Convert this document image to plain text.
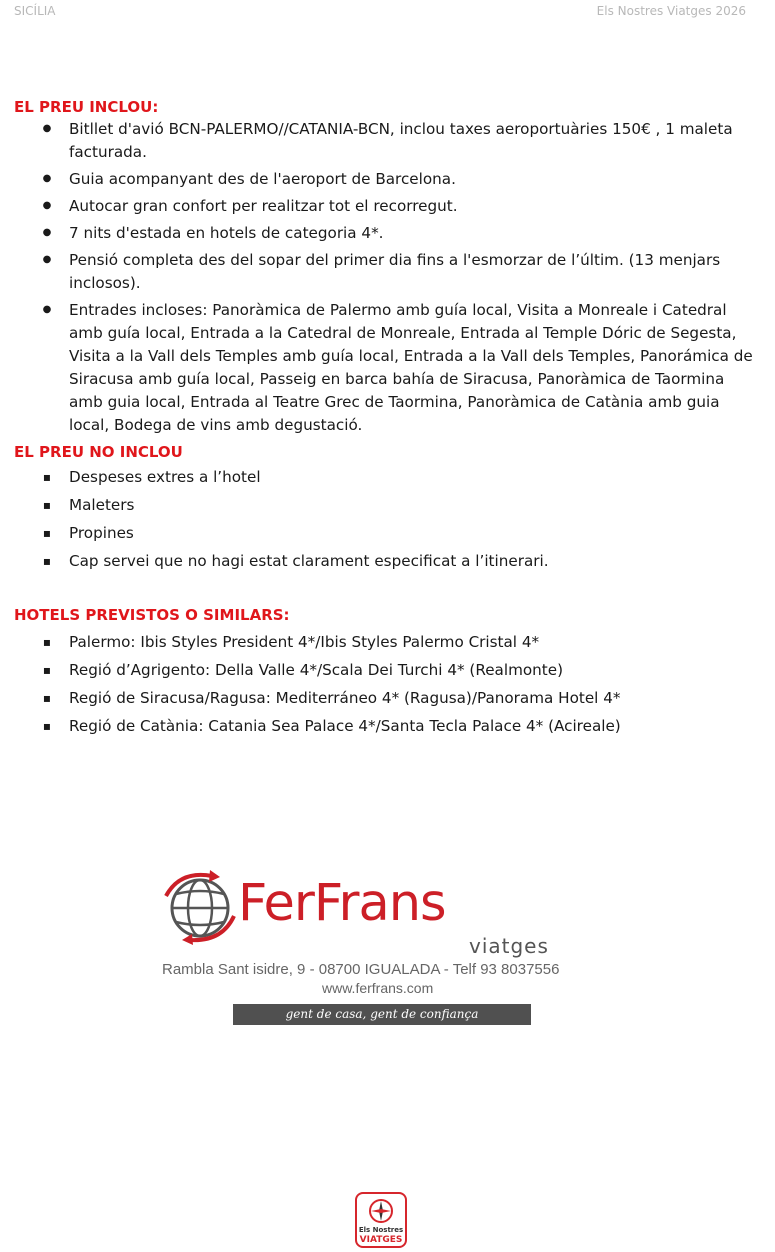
SICÍLIA	Els Nostres Viatges 2026
EL PREU INCLOU:
●
Bitllet d'avió BCN-PALERMO//CATANIA-BCN, inclou taxes aeroportuàries 150€ , 1 maleta facturada.
●
Guia acompanyant des de l'aeroport de Barcelona.
●
Autocar gran confort per realitzar tot el recorregut.
●
7 nits d'estada en hotels de categoria 4*.
●
Pensió completa des del sopar del primer dia fins a l'esmorzar de l’últim. (13 menjars inclosos).
●
Entrades incloses: Panoràmica de Palermo amb guía local, Visita a Monreale i Catedral amb guía local, Entrada a la Catedral de Monreale, Entrada al Temple Dóric de Segesta, Visita a la Vall dels Temples amb guía local, Entrada a la Vall dels Temples, Panorámica de Siracusa amb guía local, Passeig en barca bahía de Siracusa, Panoràmica de Taormina amb guia local, Entrada al Teatre Grec de Taormina, Panoràmica de Catània amb guia local, Bodega de vins amb degustació.
EL PREU NO INCLOU
▪
Despeses extres a l’hotel
▪
Maleters
▪
Propines
▪
Cap servei que no hagi estat clarament especificat a l’itinerari.
HOTELS PREVISTOS O SIMILARS:
▪
Palermo: Ibis Styles President 4*/Ibis Styles Palermo Cristal 4*
▪
Regió d’Agrigento: Della Valle 4*/Scala Dei Turchi 4* (Realmonte)
▪
Regió de Siracusa/Ragusa: Mediterráneo 4* (Ragusa)/Panorama Hotel 4*
▪
Regió de Catània: Catania Sea Palace 4*/Santa Tecla Palace 4* (Acireale)
FerFrans
viatges
Rambla Sant isidre, 9 - 08700 IGUALADA - Telf 93 8037556
www.ferfrans.com
gent de casa, gent de confiança
Els Nostres
VIATGES
